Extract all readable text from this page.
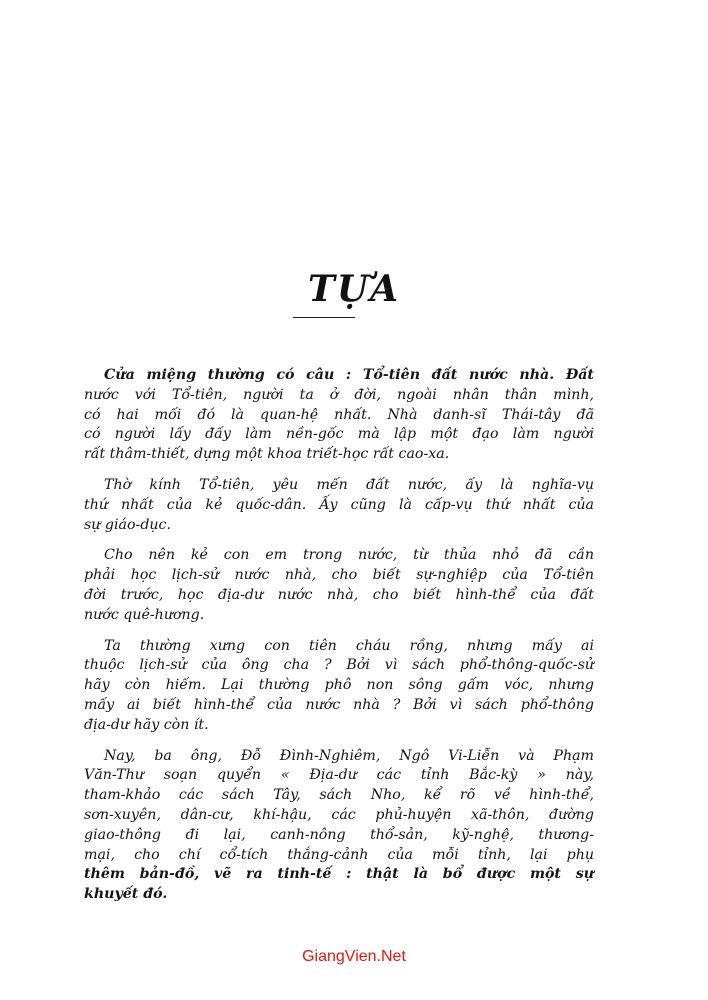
TỰA
Cửa miệng thường có câu : Tổ-tiên đất nước nhà. Đất
nước với Tổ-tiên, người ta ở đời, ngoài nhân thân mình,
có hai mối đó là quan-hệ nhất. Nhà danh-sĩ Thái-tây đã
có người lấy đấy làm nền-gốc mà lập một đạo làm người
rất thâm-thiết, dựng một khoa triết-học rất cao-xa.
Thờ kính Tổ-tiên, yêu mến đất nước, ấy là nghĩa-vụ
thứ nhất của kẻ quốc-dân. Ấy cũng là cấp-vụ thứ nhất của
sự giáo-dục.
Cho nên kẻ con em trong nước, từ thủa nhỏ đã cần
phải học lịch-sử nước nhà, cho biết sự-nghiệp của Tổ-tiên
đời trước, học địa-dư nước nhà, cho biết hình-thể của đất
nước quê-hương.
Ta thường xưng con tiên cháu rồng, nhưng mấy ai
thuộc lịch-sử của ông cha ? Bởi vì sách phổ-thông-quốc-sử
hãy còn hiếm. Lại thường phô non sông gấm vóc, nhưng
mấy ai biết hình-thể của nước nhà ? Bởi vì sách phổ-thông
địa-dư hãy còn ít.
Nay, ba ông, Đỗ Đình-Nghiêm, Ngô Vi-Liễn và Phạm
Văn-Thư soạn quyển « Địa-dư các tỉnh Bắc-kỳ » này,
tham-khảo các sách Tây, sách Nho, kể rõ về hình-thể,
sơn-xuyên, dân-cư, khí-hậu, các phủ-huyện xã-thôn, đường
giao-thông đi lại, canh-nông thổ-sản, kỹ-nghệ, thương-
mại, cho chí cổ-tích thắng-cảnh của mỗi tỉnh, lại phụ
thêm bản-đồ, vẽ ra tinh-tế : thật là bổ được một sự
khuyết đó.
GiangVien.Net
